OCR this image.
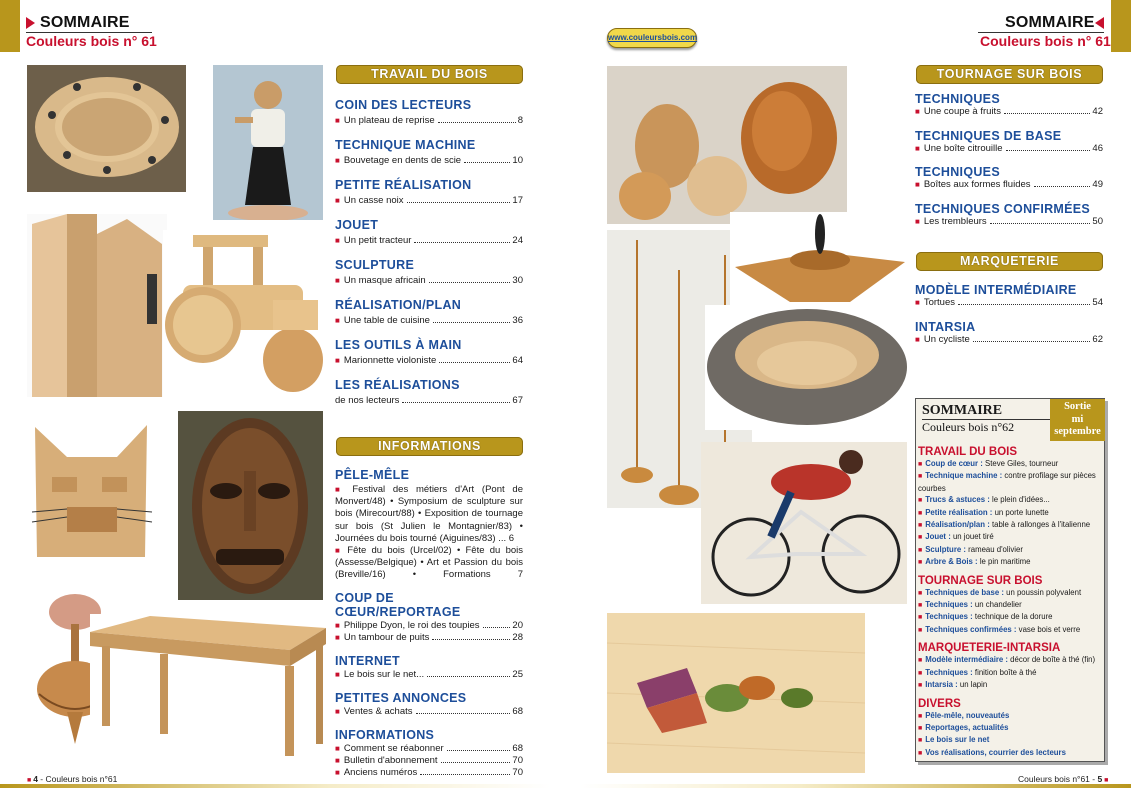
SOMMAIRE
Couleurs bois n° 61
SOMMAIRE
Couleurs bois n° 61
www.couleursbois.com
TRAVAIL DU BOIS
COIN DES LECTEURS
■ Un plateau de reprise	8
TECHNIQUE MACHINE
■ Bouvetage en dents de scie	10
PETITE RÉALISATION
■ Un casse noix	17
JOUET
■ Un petit tracteur	24
SCULPTURE
■ Un masque africain	30
RÉALISATION/PLAN
■ Une table de cuisine	36
LES OUTILS À MAIN
■ Marionnette violoniste	64
LES RÉALISATIONS
de nos lecteurs	67
INFORMATIONS
PÊLE-MÊLE
■ Festival des métiers d'Art (Pont de Monvert/48) • Symposium de sculpture sur bois (Mirecourt/88) • Exposition de tournage sur bois (St Julien le Montagnier/83) • Journées du bois tourné (Aiguines/83) ... 6
■ Fête du bois (Urcel/02) • Fête du bois (Assesse/Belgique) • Art et Passion du bois (Breville/16) • Formations	7
COUP DE CŒUR/REPORTAGE
■ Philippe Dyon, le roi des toupies	20
■ Un tambour de puits	28
INTERNET
■ Le bois sur le net...	25
PETITES ANNONCES
■ Ventes & achats	68
INFORMATIONS
■ Comment se réabonner	68
■ Bulletin d'abonnement	70
■ Anciens numéros	70
TOURNAGE SUR BOIS
TECHNIQUES
■ Une coupe à fruits	42
TECHNIQUES DE BASE
■ Une boîte citrouille	46
TECHNIQUES
■ Boîtes aux formes fluides	49
TECHNIQUES CONFIRMÉES
■ Les trembleurs	50
MARQUETERIE
MODÈLE INTERMÉDIAIRE
■ Tortues	54
INTARSIA
■ Un cycliste	62
SOMMAIRE
Couleurs bois n°62
Sortie
mi
septembre
TRAVAIL DU BOIS
■ Coup de cœur : Steve Giles, tourneur
■ Technique machine : contre profilage sur pièces courbes
■ Trucs & astuces : le plein d'idées...
■ Petite réalisation : un porte lunette
■ Réalisation/plan : table à rallonges à l'italienne
■ Jouet : un jouet tiré
■ Sculpture : rameau d'olivier
■ Arbre & Bois : le pin maritime
TOURNAGE SUR BOIS
■ Techniques de base : un poussin polyvalent
■ Techniques : un chandelier
■ Techniques : technique de la dorure
■ Techniques confirmées : vase bois et verre
MARQUETERIE-INTARSIA
■ Modèle intermédiaire : décor de boîte à thé (fin)
■ Techniques : finition boîte à thé
■ Intarsia : un lapin
DIVERS
■ Pêle-mêle, nouveautés
■ Reportages, actualités
■ Le bois sur le net
■ Vos réalisations, courrier des lecteurs
■ 4 - Couleurs bois n°61	Couleurs bois n°61 - 5 ■
